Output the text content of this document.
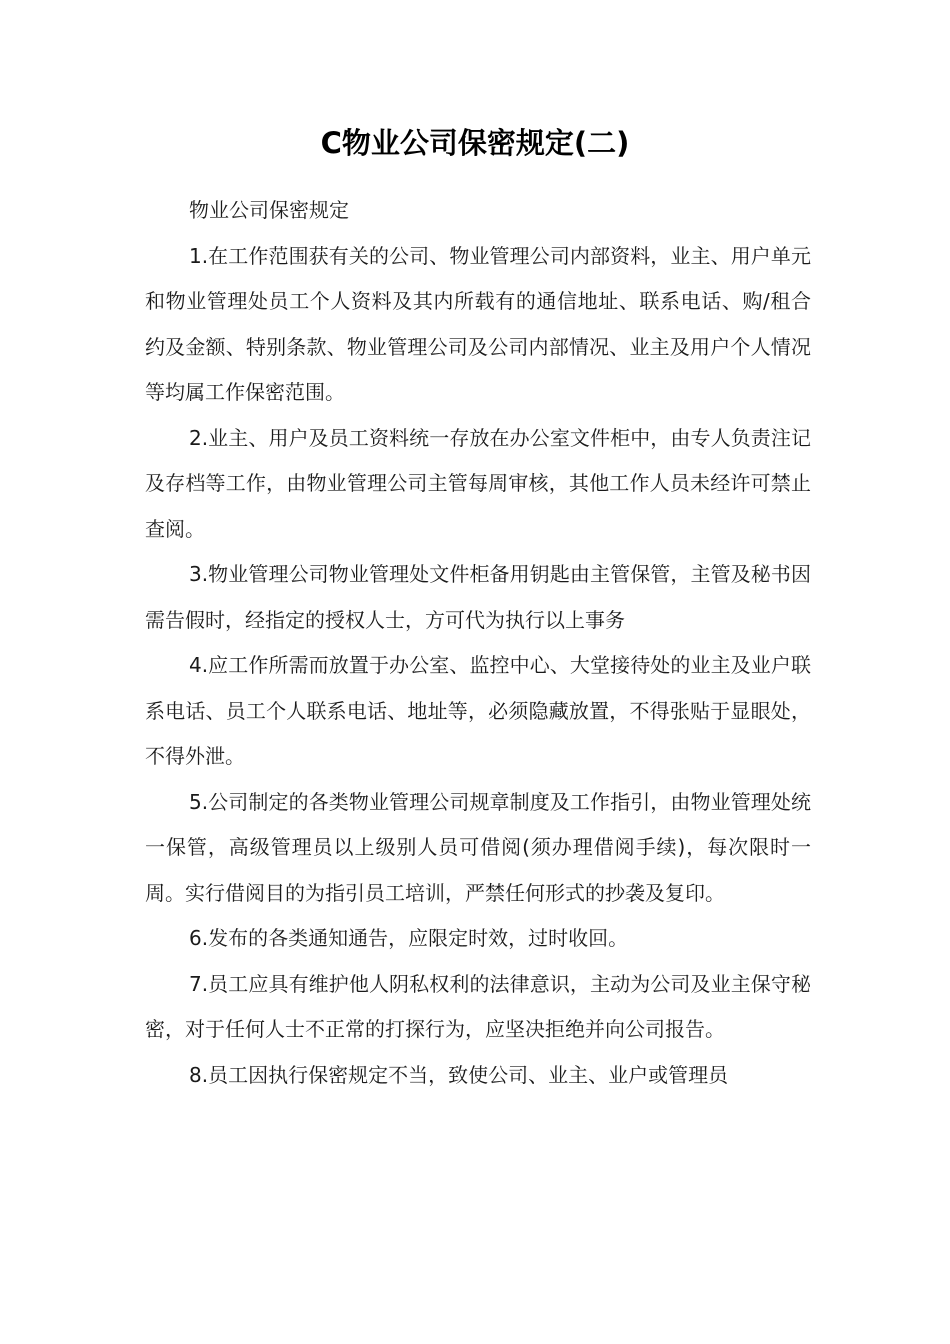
C物业公司保密规定(二)

物业公司保密规定

1.在工作范围获有关的公司、物业管理公司内部资料，业主、用户单元和物业管理处员工个人资料及其内所载有的通信地址、联系电话、购/租合约及金额、特别条款、物业管理公司及公司内部情况、业主及用户个人情况等均属工作保密范围。

2.业主、用户及员工资料统一存放在办公室文件柜中，由专人负责注记及存档等工作，由物业管理公司主管每周审核，其他工作人员未经许可禁止查阅。

3.物业管理公司物业管理处文件柜备用钥匙由主管保管，主管及秘书因需告假时，经指定的授权人士，方可代为执行以上事务

4.应工作所需而放置于办公室、监控中心、大堂接待处的业主及业户联系电话、员工个人联系电话、地址等，必须隐藏放置，不得张贴于显眼处，不得外泄。

5.公司制定的各类物业管理公司规章制度及工作指引，由物业管理处统一保管，高级管理员以上级别人员可借阅(须办理借阅手续)，每次限时一周。实行借阅目的为指引员工培训，严禁任何形式的抄袭及复印。

6.发布的各类通知通告，应限定时效，过时收回。

7.员工应具有维护他人阴私权利的法律意识，主动为公司及业主保守秘密，对于任何人士不正常的打探行为，应坚决拒绝并向公司报告。

8.员工因执行保密规定不当，致使公司、业主、业户或管理员
